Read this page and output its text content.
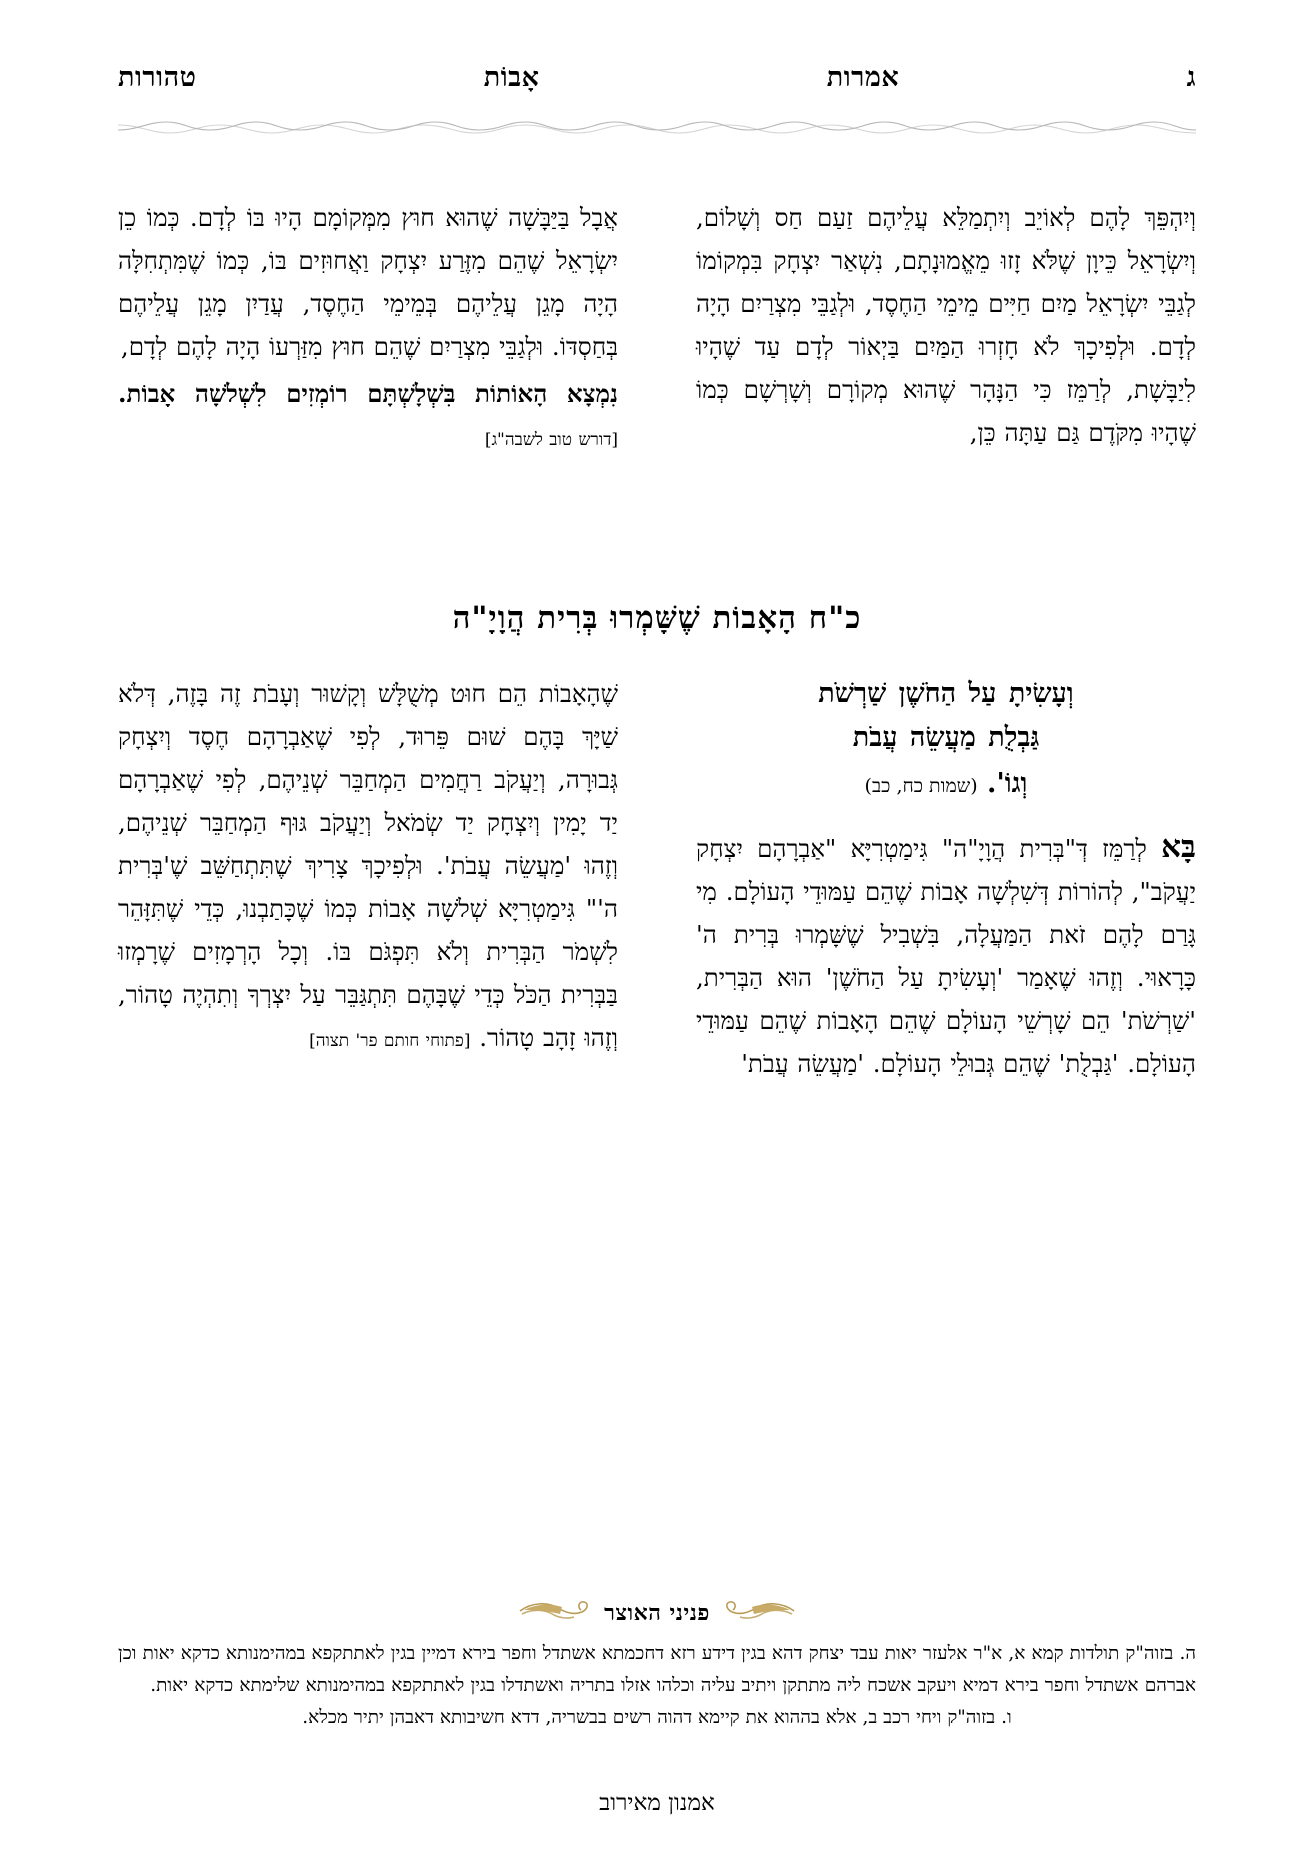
ג
אמרות
אָבוֹת
טהורות

וְיִהְפֵּךְ לָהֶם לְאוֹיֵב וְיִתְמַלֵּא עֲלֵיהֶם זַעַם חַס וְשָׁלוֹם, וְיִשְׂרָאֵל כֵּיוָן שֶׁלֹּא זָזוּ מֵאֱמוּנָתָם, נִשְׁאַר יִצְחָק בִּמְקוֹמוֹ לְגַבֵּי יִשְׂרָאֵל מַיִם חַיִּים מֵימֵי הַחֶסֶד, וּלְגַבֵּי מִצְרַיִם הָיָה לְדָם. וּלְפִיכָךְ לֹא חָזְרוּ הַמַּיִם בַּיְאוֹר לְדָם עַד שֶׁהָיוּ לִיַבָּשָׁת, לְרַמֵּז כִּי הַנָּהָר שֶׁהוּא מְקוֹרָם וְשָׁרְשָׁם כְּמוֹ שֶׁהָיוּ מִקֹּדֶם גַּם עַתָּה כֵּן,

אֲבָל בַּיַּבָּשָׁה שֶׁהוּא חוּץ מִמְּקוֹמָם הָיוּ בּוֹ לְדָם. כְּמוֹ כֵן יִשְׂרָאֵל שֶׁהֵם מִזֶּרַע יִצְחָק וַאֲחוּזִים בּוֹ, כְּמוֹ שֶׁמִּתְחִלָּה הָיָה מָגֵן עֲלֵיהֶם בְּמֵימֵי הַחֶסֶד, עֲדַיִן מָגֵן עֲלֵיהֶם בְּחַסְדּוֹ. וּלְגַבֵּי מִצְרַיִם שֶׁהֵם חוּץ מִזַּרְעוֹ הָיָה לָהֶם לְדָם,

נִמְצָא הָאוֹתוֹת בִּשְׁלָשְׁתָּם רוֹמְזִים לִשְׁלֹשָׁה אָבוֹת. [דורש טוב לשבה"ג]

כ"ח הָאָבוֹת שֶׁשָּׁמְרוּ בְּרִית הֲוָיָ"ה

וְעָשִׂיתָ עַל הַחֹשֶׁן שַׁרְשֹׁת

גַּבְלֻת מַעֲשֵׂה עֲבֹת

וְגוֹ'. (שמות כח, כב)

בָּא לְרַמֵּז דְּ"בְּרִית הֲוָיָ"ה" גִּימַטְרִיָּא "אַבְרָהָם יִצְחָק יַעֲקֹב", לְהוֹרוֹת דְּשִׁלְשָׁה אָבוֹת שֶׁהֵם עַמּוּדֵי הָעוֹלָם. מִי גָּרַם לָהֶם זֹאת הַמַּעֲלָה, בִּשְׁבִיל שֶׁשָּׁמְרוּ בְּרִית ה' כָּרָאוּי. וְזֶהוּ שֶׁאָמַר 'וְעָשִׂיתָ עַל הַחֹשֶׁן' הוּא הַבְּרִית, 'שַׁרְשֹׁת' הֵם שָׁרְשֵׁי הָעוֹלָם שֶׁהֵם הָאָבוֹת שֶׁהֵם עַמּוּדֵי הָעוֹלָם. 'גַּבְלֻת' שֶׁהֵם גְּבוּלֵי הָעוֹלָם. 'מַעֲשֵׂה עֲבֹת'

שֶׁהָאָבוֹת הֵם חוּט מְשֻׁלָּשׁ וְקָשׁוּר וְעָבֹת זֶה בָּזֶה, דְּלֹא שַׁיָּךְ בָּהֶם שׁוּם פֵּרוּד, לְפִי שֶׁאַבְרָהָם חֶסֶד וְיִצְחָק גְּבוּרָה, וְיַעֲקֹב רַחֲמִים הַמְחַבֵּר שְׁנֵיהֶם, לְפִי שֶׁאַבְרָהָם יַד יָמִין וְיִצְחָק יַד שְׂמֹאל וְיַעֲקֹב גּוּף הַמְחַבֵּר שְׁנֵיהֶם, וְזֶהוּ 'מַעֲשֵׂה עֲבֹת'. וּלְפִיכָךְ צָרִיךְ שֶׁתִּתְחַשֵּׁב שֶׁ'בְּרִית ה'" גִּימַטְרִיָּא שְׁלֹשָׁה אָבוֹת כְּמוֹ שֶׁכָּתַבְנוּ, כְּדֵי שֶׁתִּזָּהֵר לִשְׁמֹר הַבְּרִית וְלֹא תִּפְגֹּם בּוֹ. וְכָל הָרְמָזִים שֶׁרָמְזוּ בַּבְּרִית הַכֹּל כְּדֵי שֶׁבָּהֶם תִּתְגַּבֵּר עַל יִצְרְךָ וְתִהְיֶה טָהוֹר, וְזֶהוּ זָהָב טָהוֹר. [פתוחי חותם פר' תצוה]

פניני האוצר
ה. בזוה"ק תולדות קמא א, א"ר אלעזר יאות עבד יצחק דהא בגין דידע רזא דחכמתא אשתדל וחפר בירא דמיין בגין לאתתקפא במהימנותא כדקא יאות וכן אברהם אשתדל וחפר בירא דמיא ויעקב אשכח ליה מתתקן ויתיב עליה וכלהו אזלו בתריה ואשתדלו בגין לאתתקפא במהימנותא שלימתא כדקא יאות.  ו. בזוה"ק ויחי רכב ב, אלא בההוא את קיימא דהוה רשים בבשריה, דדא חשיבותא דאבהן יתיר מכלא.
אמנון מאירוב
